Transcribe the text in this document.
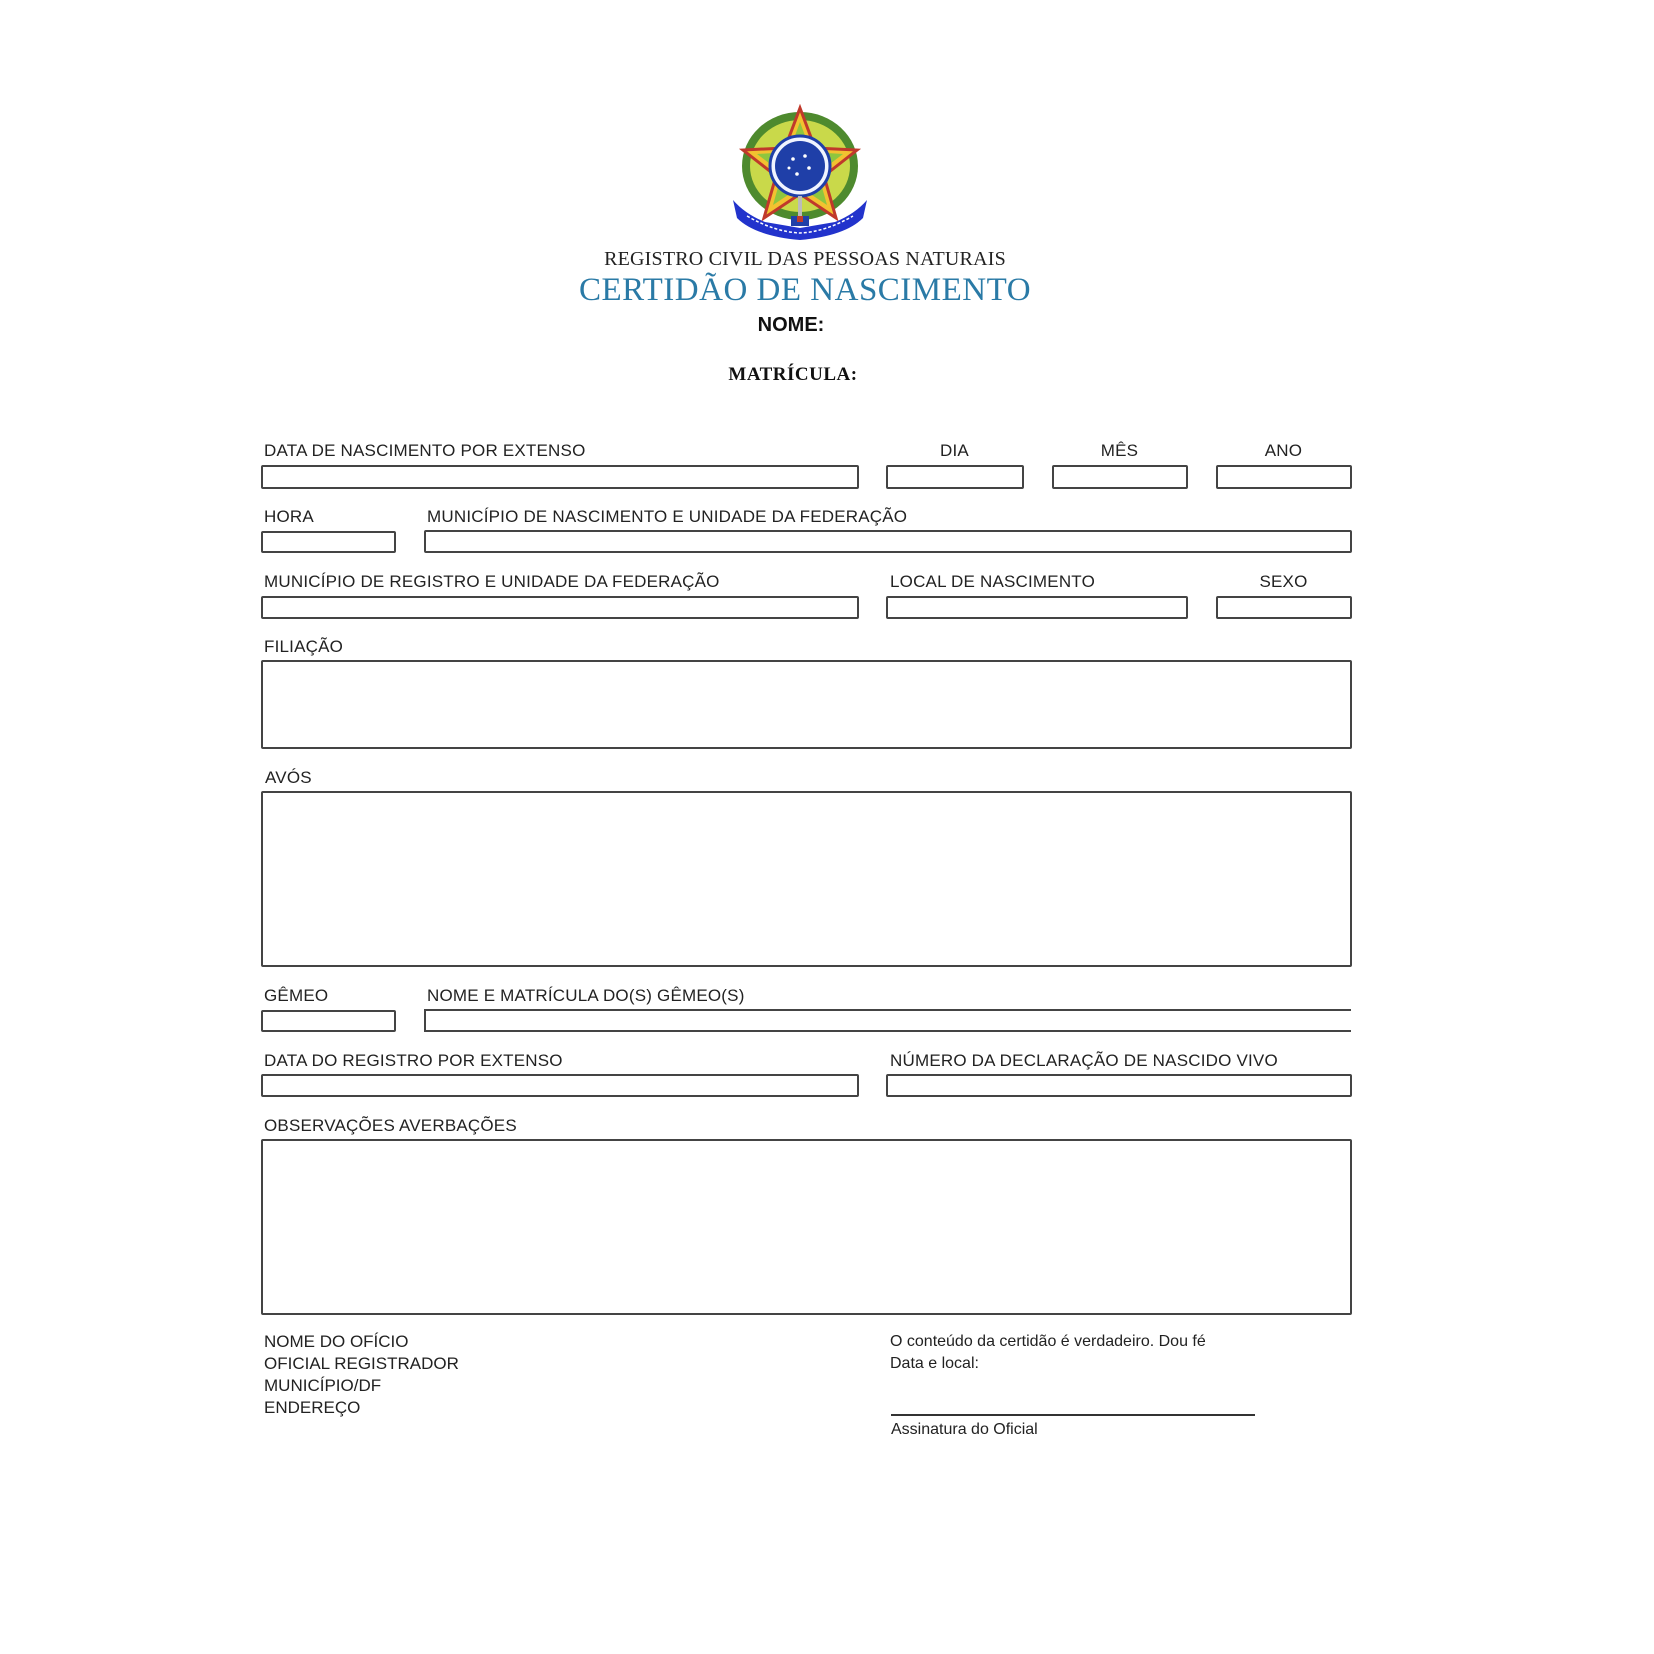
REGISTRO CIVIL DAS PESSOAS NATURAIS
CERTIDÃO DE NASCIMENTO
NOME:
MATRÍCULA:
DATA DE NASCIMENTO POR EXTENSO	DIA	MÊS	ANO
HORA	MUNICÍPIO DE NASCIMENTO E UNIDADE DA FEDERAÇÃO
MUNICÍPIO DE REGISTRO E UNIDADE DA FEDERAÇÃO	LOCAL DE NASCIMENTO	SEXO
FILIAÇÃO
AVÓS
GÊMEO	NOME E MATRÍCULA DO(S) GÊMEO(S)
DATA DO REGISTRO POR EXTENSO	NÚMERO DA DECLARAÇÃO DE NASCIDO VIVO
OBSERVAÇÕES AVERBAÇÕES
NOME DO OFÍCIO
OFICIAL REGISTRADOR
MUNICÍPIO/DF
ENDEREÇO
O conteúdo da certidão é verdadeiro. Dou fé
Data e local:
Assinatura do Oficial
